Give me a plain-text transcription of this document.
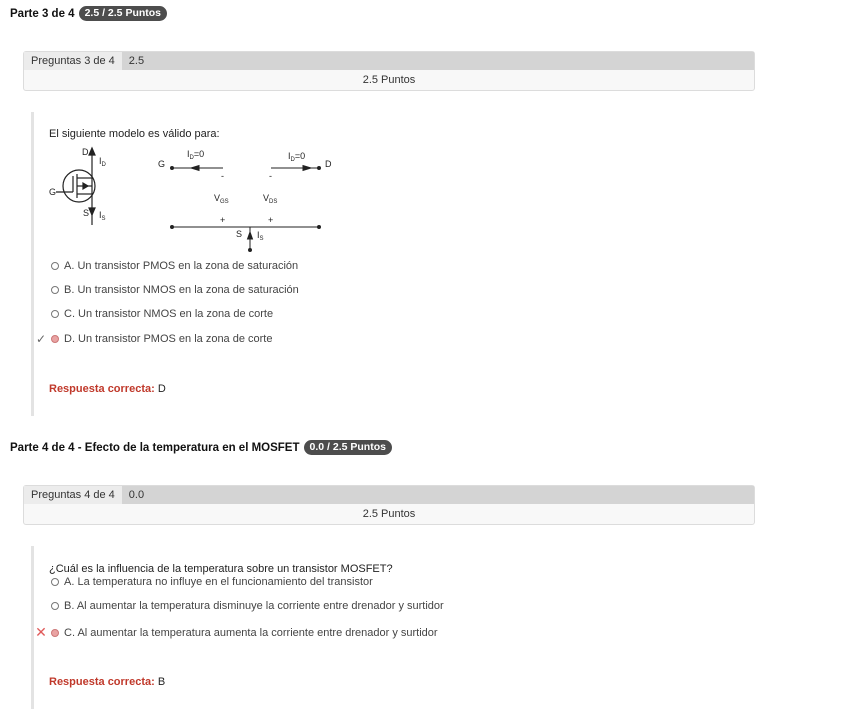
Parte 3 de 4 2.5 / 2.5 Puntos
Preguntas 3 de 4	2.5
2.5 Puntos
El siguiente modelo es válido para:
D
G
S
$I_D$
$I_S$
G	D
S
$I_D=0$	$I_D=0$
-	-
$V_{GS}$	$V_{DS}$
+	+
$I_S$
A. Un transistor PMOS en la zona de saturación
B. Un transistor NMOS en la zona de saturación
C. Un transistor NMOS en la zona de corte
✓ D. Un transistor PMOS en la zona de corte
Respuesta correcta: D
Parte 4 de 4 - Efecto de la temperatura en el MOSFET 0.0 / 2.5 Puntos
Preguntas 4 de 4	0.0
2.5 Puntos
¿Cuál es la influencia de la temperatura sobre un transistor MOSFET?
A. La temperatura no influye en el funcionamiento del transistor
B. Al aumentar la temperatura disminuye la corriente entre drenador y surtidor
✕ C. Al aumentar la temperatura aumenta la corriente entre drenador y surtidor
Respuesta correcta: B
